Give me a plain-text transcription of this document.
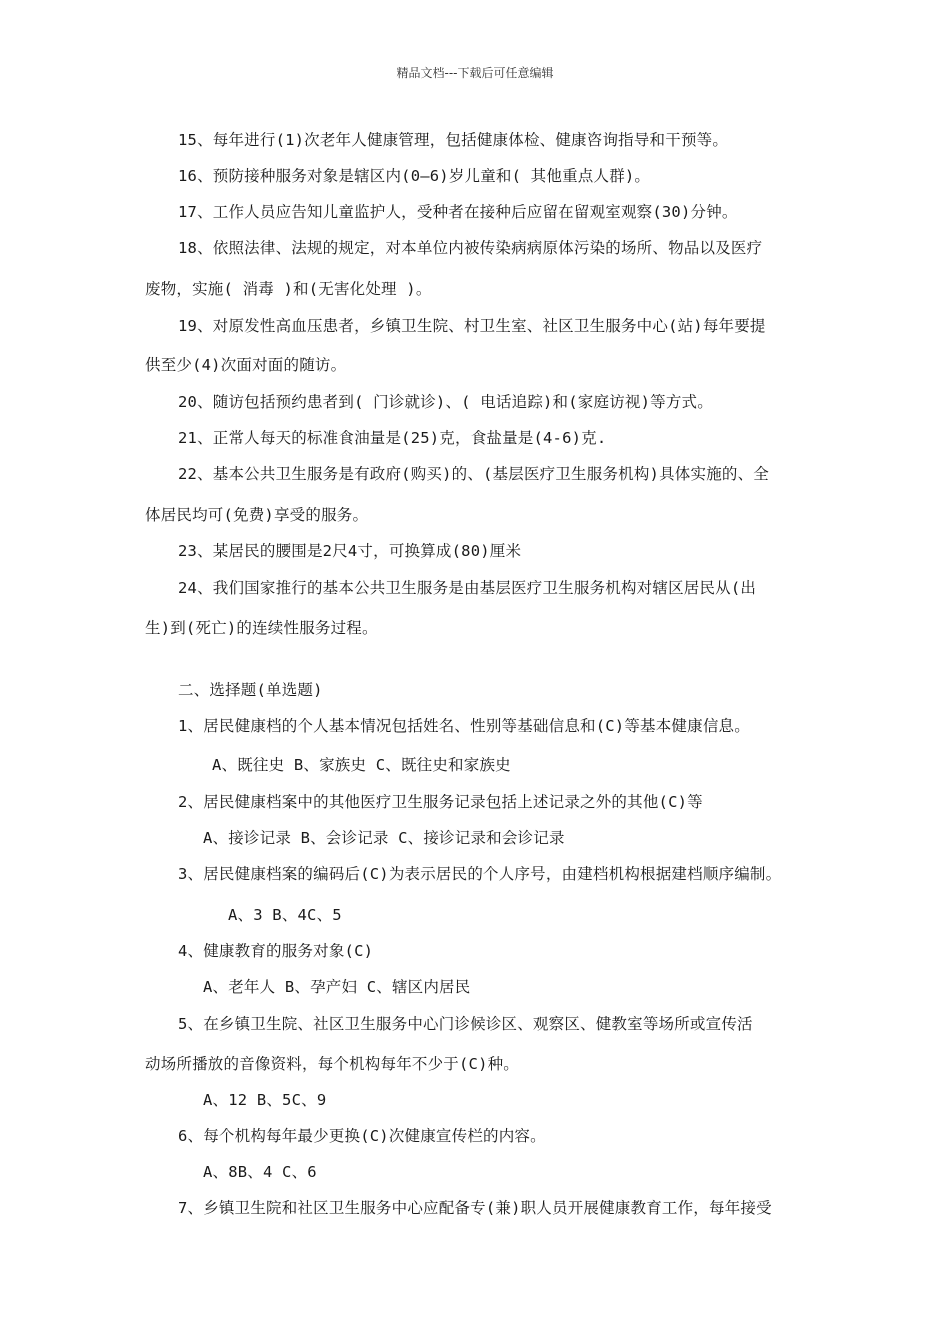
精品文档---下载后可任意编辑
15、每年进行(1)次老年人健康管理，包括健康体检、健康咨询指导和干预等。
16、预防接种服务对象是辖区内(0—6)岁儿童和( 其他重点人群)。
17、工作人员应告知儿童监护人，受种者在接种后应留在留观室观察(30)分钟。
18、依照法律、法规的规定，对本单位内被传染病病原体污染的场所、物品以及医疗
废物，实施( 消毒 )和(无害化处理 )。
19、对原发性高血压患者，乡镇卫生院、村卫生室、社区卫生服务中心(站)每年要提
供至少(4)次面对面的随访。
20、随访包括预约患者到( 门诊就诊)、( 电话追踪)和(家庭访视)等方式。
21、正常人每天的标准食油量是(25)克，食盐量是(4-6)克.
22、基本公共卫生服务是有政府(购买)的、(基层医疗卫生服务机构)具体实施的、全
体居民均可(免费)享受的服务。
23、某居民的腰围是2尺4寸，可换算成(80)厘米
24、我们国家推行的基本公共卫生服务是由基层医疗卫生服务机构对辖区居民从(出
生)到(死亡)的连续性服务过程。
二、选择题(单选题)
1、居民健康档的个人基本情况包括姓名、性别等基础信息和(C)等基本健康信息。
A、既往史 B、家族史 C、既往史和家族史
2、居民健康档案中的其他医疗卫生服务记录包括上述记录之外的其他(C)等
A、接诊记录 B、会诊记录 C、接诊记录和会诊记录
3、居民健康档案的编码后(C)为表示居民的个人序号，由建档机构根据建档顺序编制。
A、3 B、4C、5
4、健康教育的服务对象(C)
A、老年人 B、孕产妇 C、辖区内居民
5、在乡镇卫生院、社区卫生服务中心门诊候诊区、观察区、健教室等场所或宣传活
动场所播放的音像资料，每个机构每年不少于(C)种。
A、12 B、5C、9
6、每个机构每年最少更换(C)次健康宣传栏的内容。
A、8B、4 C、6
7、乡镇卫生院和社区卫生服务中心应配备专(兼)职人员开展健康教育工作，每年接受
